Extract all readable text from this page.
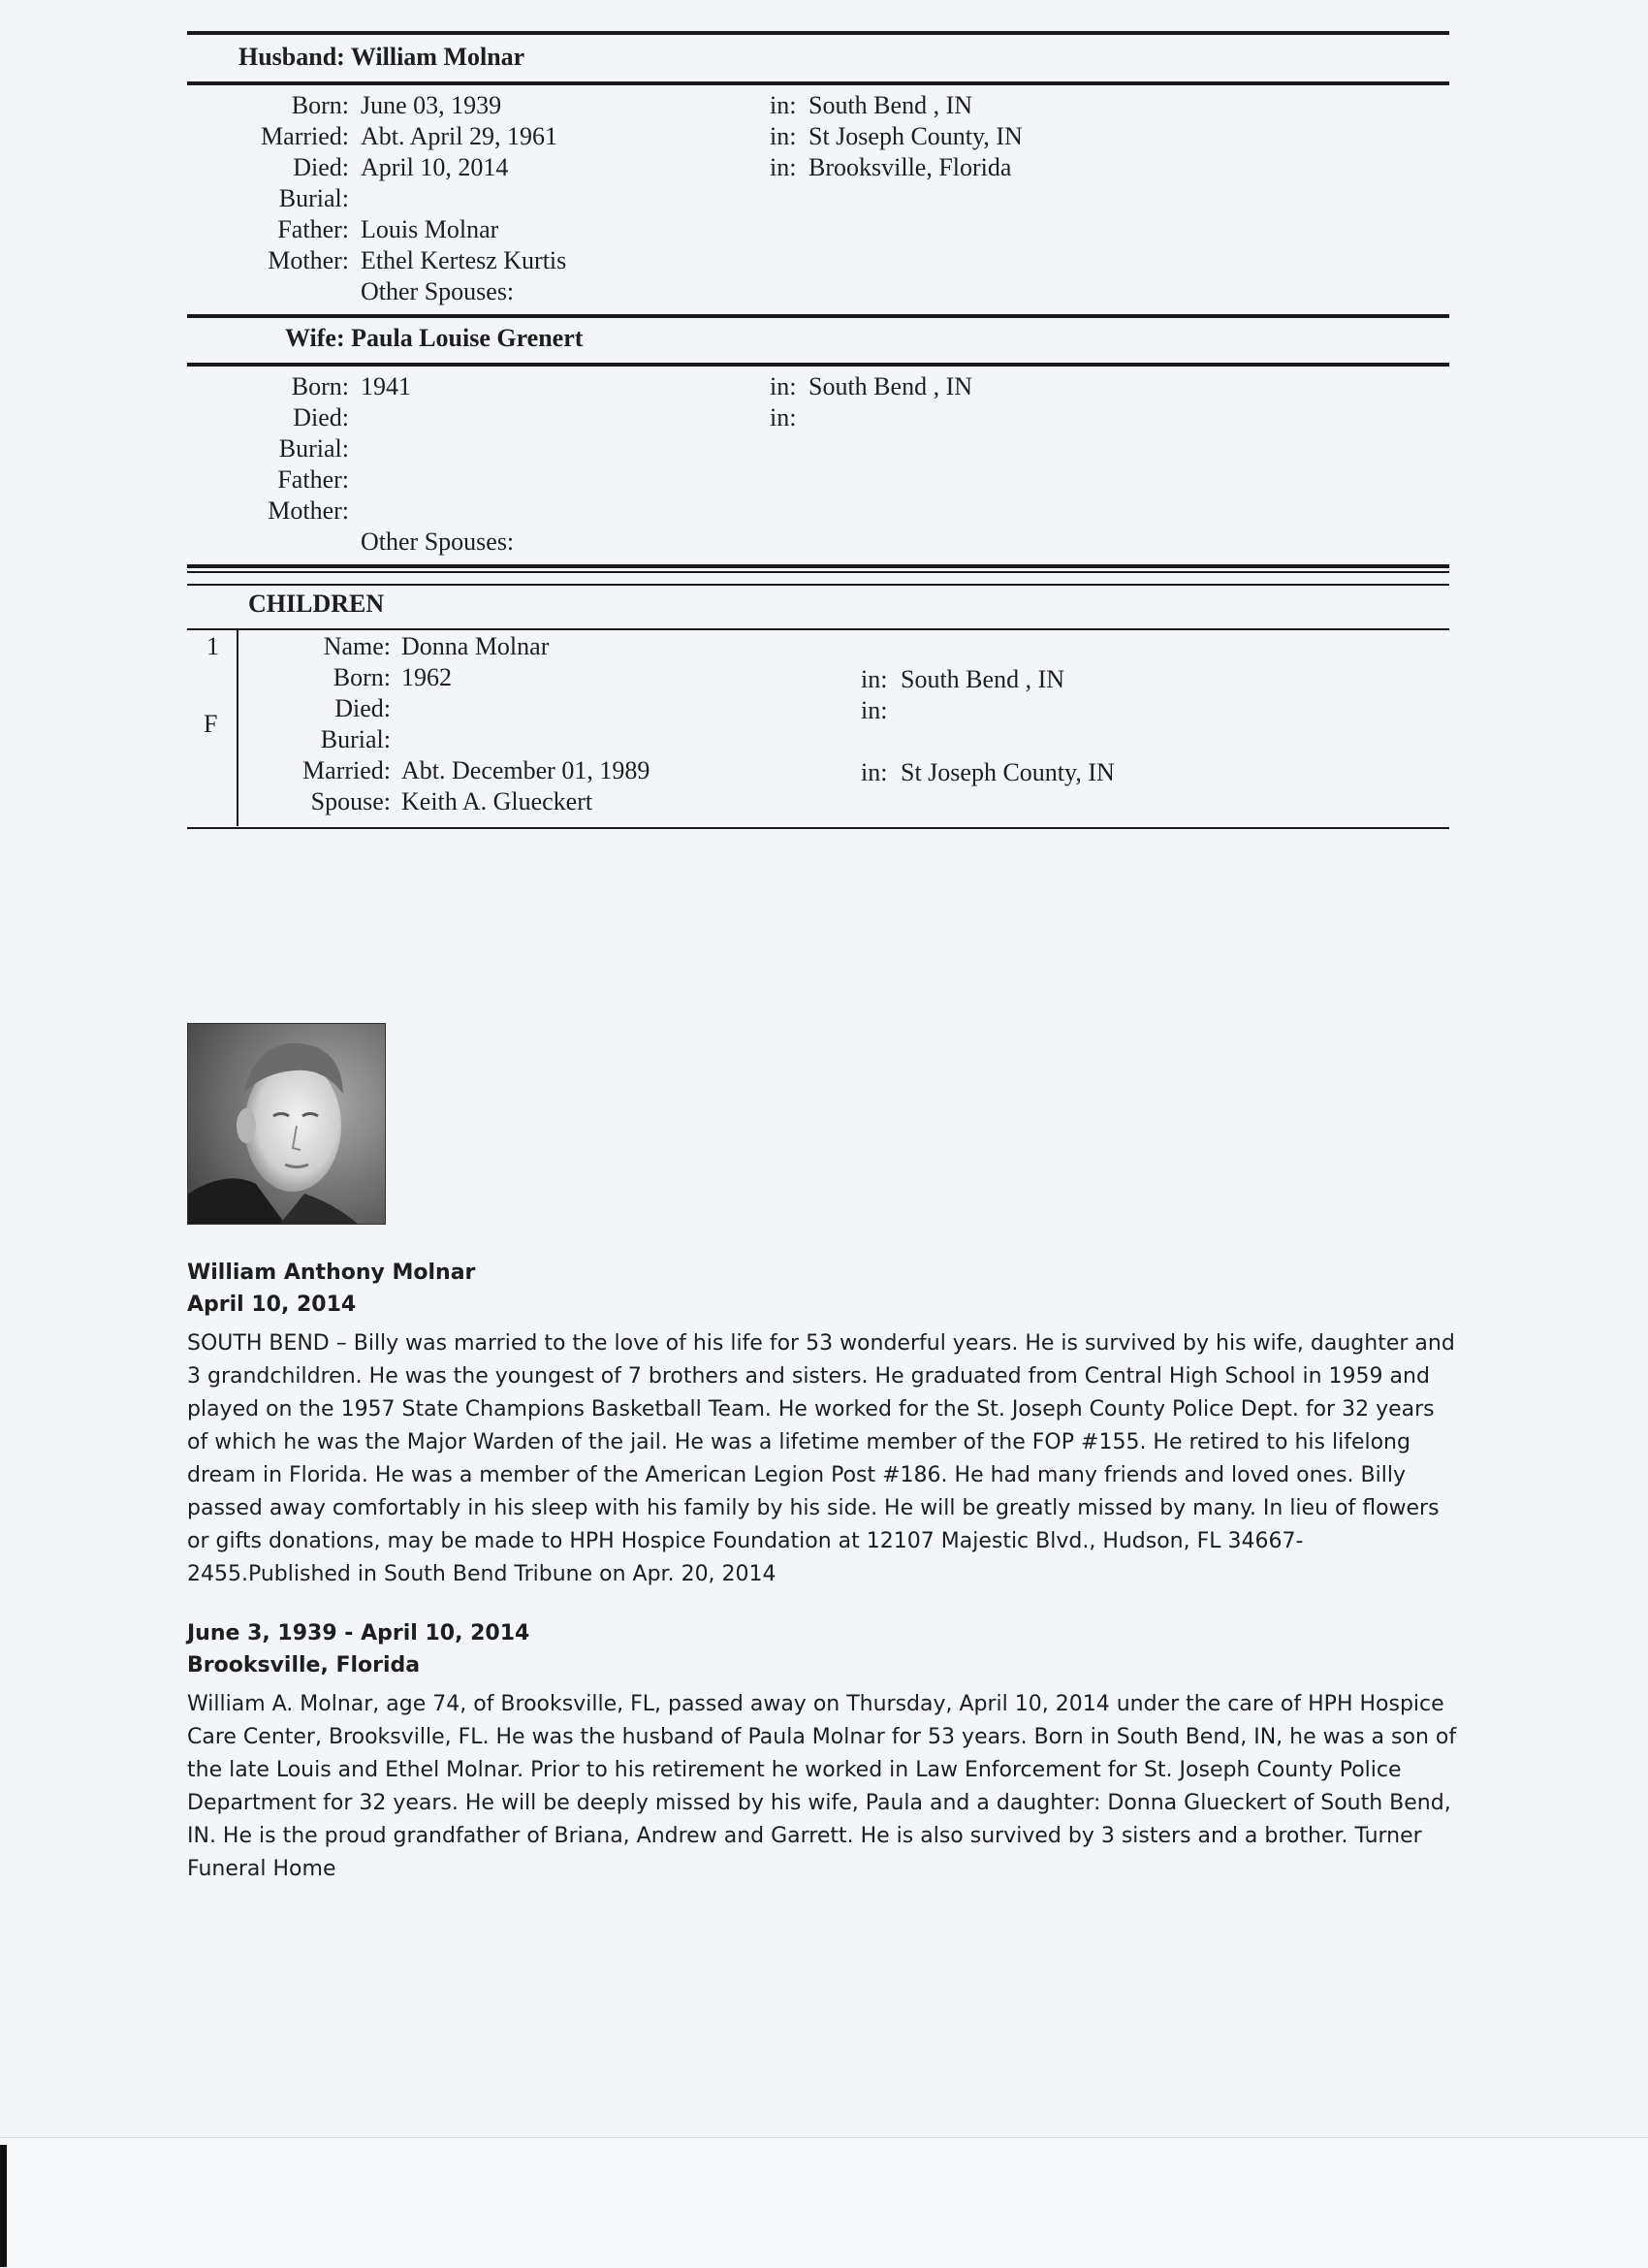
Husband: William Molnar
Born: June 03, 1939	in: South Bend , IN
Married: Abt. April 29, 1961	in: St Joseph County, IN
Died: April 10, 2014	in: Brooksville, Florida
Burial:
Father: Louis Molnar
Mother: Ethel Kertesz Kurtis
Other Spouses:
Wife: Paula Louise Grenert
Born: 1941	in: South Bend , IN
Died:	in:
Burial:
Father:
Mother:
Other Spouses:
CHILDREN
1
F
Name: Donna Molnar
Born: 1962	in: South Bend , IN
Died:	in:
Burial:
Married: Abt. December 01, 1989	in: St Joseph County, IN
Spouse: Keith A. Glueckert
William Anthony Molnar
April 10, 2014
SOUTH BEND – Billy was married to the love of his life for 53 wonderful years. He is survived by his wife, daughter and 3 grandchildren. He was the youngest of 7 brothers and sisters. He graduated from Central High School in 1959 and played on the 1957 State Champions Basketball Team. He worked for the St. Joseph County Police Dept. for 32 years of which he was the Major Warden of the jail. He was a lifetime member of the FOP #155. He retired to his lifelong dream in Florida. He was a member of the American Legion Post #186. He had many friends and loved ones. Billy passed away comfortably in his sleep with his family by his side. He will be greatly missed by many. In lieu of flowers or gifts donations, may be made to HPH Hospice Foundation at 12107 Majestic Blvd., Hudson, FL 34667-2455.Published in South Bend Tribune on Apr. 20, 2014
June 3, 1939 - April 10, 2014
Brooksville, Florida
William A. Molnar, age 74, of Brooksville, FL, passed away on Thursday, April 10, 2014 under the care of HPH Hospice Care Center, Brooksville, FL. He was the husband of Paula Molnar for 53 years. Born in South Bend, IN, he was a son of the late Louis and Ethel Molnar. Prior to his retirement he worked in Law Enforcement for St. Joseph County Police Department for 32 years. He will be deeply missed by his wife, Paula and a daughter: Donna Glueckert of South Bend, IN. He is the proud grandfather of Briana, Andrew and Garrett. He is also survived by 3 sisters and a brother. Turner Funeral Home
